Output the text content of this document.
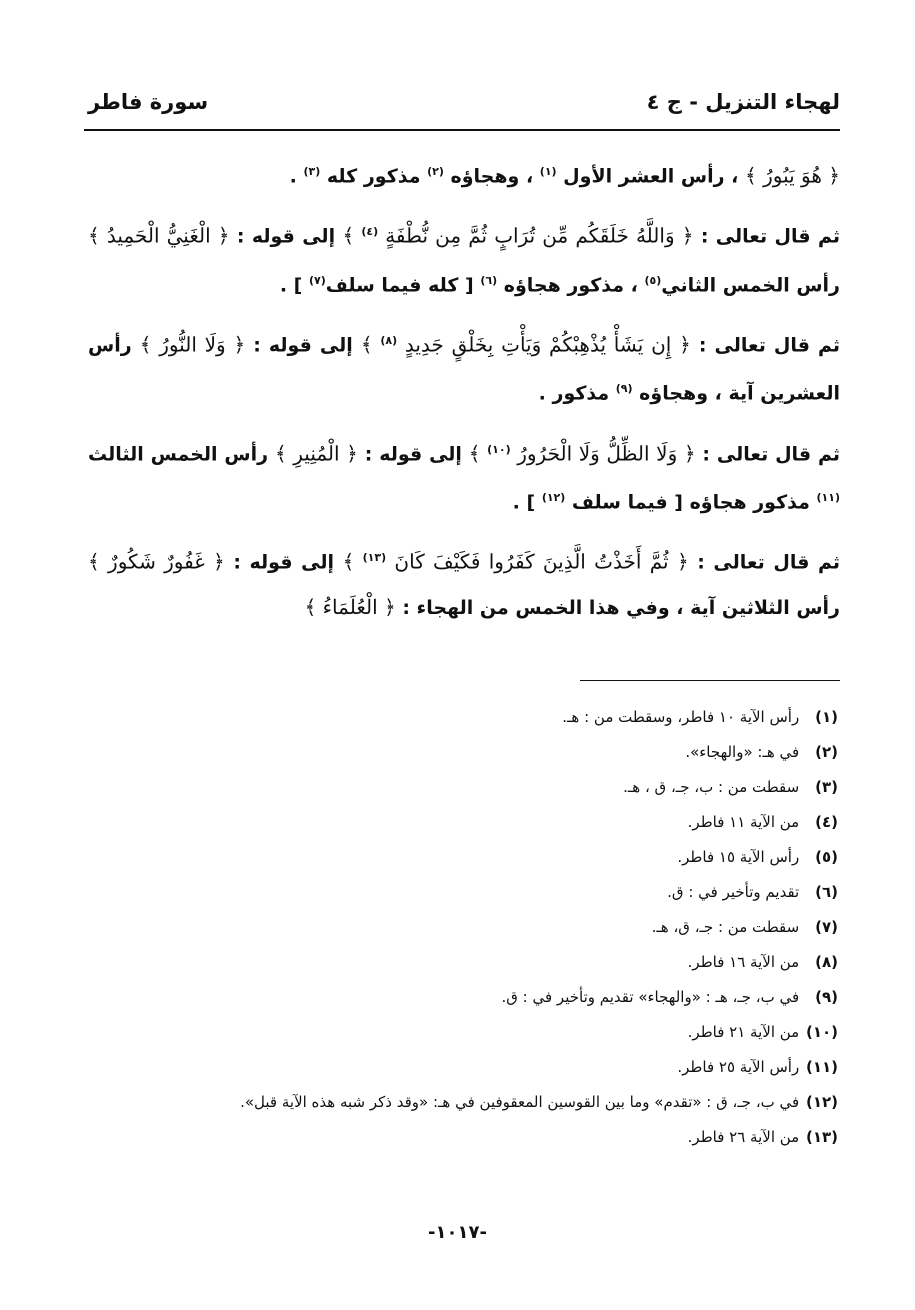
لهجاء التنزيل - ج ٤
سورة فاطر

﴿ هُوَ يَبُورُ ﴾ ، رأس العشر الأول $^{(١)}$ ، وهجاؤه $^{(٢)}$ مذكور كله $^{(٣)}$ .

ثم قال تعالى : ﴿ وَاللَّهُ خَلَقَكُم مِّن تُرَابٍ ثُمَّ مِن نُّطْفَةٍ $^{(٤)}$ ﴾ إلى قوله : ﴿ الْغَنِيُّ الْحَمِيدُ ﴾ رأس الخمس الثاني$^{(٥)}$ ، مذكور هجاؤه $^{(٦)}$ [ كله فيما سلف$^{(٧)}$ ] .

ثم قال تعالى : ﴿ إِن يَشَأْ يُذْهِبْكُمْ وَيَأْتِ بِخَلْقٍ جَدِيدٍ $^{(٨)}$ ﴾ إلى قوله : ﴿ وَلَا النُّورُ ﴾ رأس العشرين آية ، وهجاؤه $^{(٩)}$ مذكور .

ثم قال تعالى : ﴿ وَلَا الظِّلُّ وَلَا الْحَرُورُ $^{(١٠)}$ ﴾ إلى قوله : ﴿ الْمُنِيرِ ﴾ رأس الخمس الثالث $^{(١١)}$ مذكور هجاؤه [ فيما سلف $^{(١٢)}$ ] .

ثم قال تعالى : ﴿ ثُمَّ أَخَذْتُ الَّذِينَ كَفَرُوا فَكَيْفَ كَانَ $^{(١٣)}$ ﴾ إلى قوله : ﴿ غَفُورٌ شَكُورٌ ﴾ رأس الثلاثين آية ، وفي هذا الخمس من الهجاء : ﴿ الْعُلَمَاءُ ﴾

(١) رأس الآية ١٠ فاطر، وسقطت من : هـ.
(٢) في هـ: «والهجاء».
(٣) سقطت من : ب، جـ، ق ، هـ.
(٤) من الآية ١١ فاطر.
(٥) رأس الآية ١٥ فاطر.
(٦) تقديم وتأخير في : ق.
(٧) سقطت من : جـ، ق، هـ.
(٨) من الآية ١٦ فاطر.
(٩) في ب، جـ، هـ : «والهجاء» تقديم وتأخير في : ق.
(١٠) من الآية ٢١ فاطر.
(١١) رأس الآية ٢٥ فاطر.
(١٢) في ب، جـ، ق : «تقدم» وما بين القوسين المعقوفين في هـ: «وقد ذكر شبه هذه الآية قبل».
(١٣) من الآية ٢٦ فاطر.
-١٠١٧-
